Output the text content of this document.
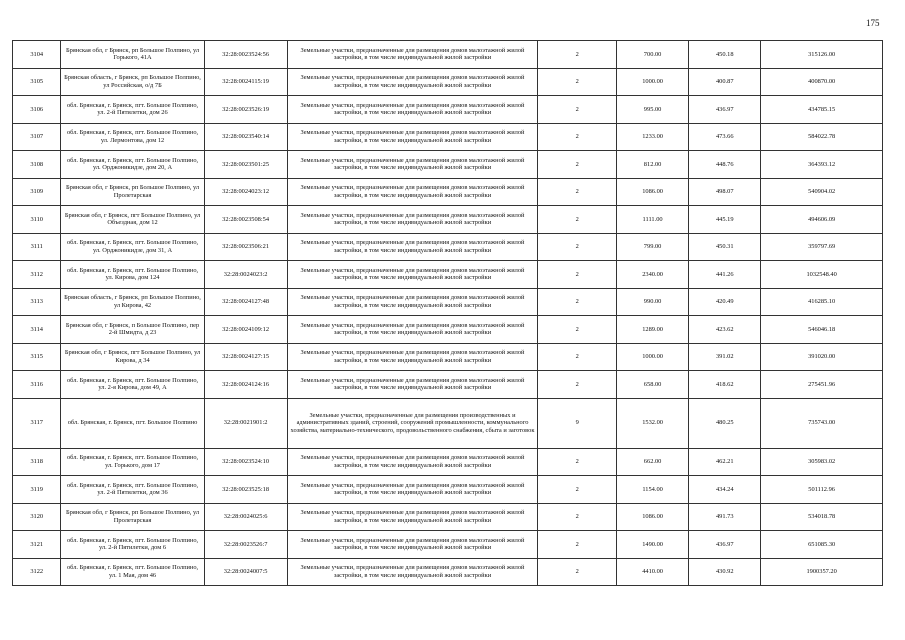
175
3104	Брянская обл, г Брянск, рп Большое Полпино, ул Горького, 41А	32:28:0023524:56	Земельные участки, предназначенные для размещения домов малоэтажной жилой застройки, в том числе индивидуальной жилой застройки	2	700.00	450.18	315126.00
3105	Брянская область, г Брянск, рп Большое Полпино, ул Российская, о/д 7Б	32:28:0024115:19	Земельные участки, предназначенные для размещения домов малоэтажной жилой застройки, в том числе индивидуальной жилой застройки	2	1000.00	400.87	400870.00
3106	обл. Брянская, г. Брянск, пгт. Большое Полпино, ул. 2-й Пятилетки, дом 26	32:28:0023526:19	Земельные участки, предназначенные для размещения домов малоэтажной жилой застройки, в том числе индивидуальной жилой застройки	2	995.00	436.97	434785.15
3107	обл. Брянская, г. Брянск, пгт. Большое Полпино, ул. Лермонтова, дом 12	32:28:0023540:14	Земельные участки, предназначенные для размещения домов малоэтажной жилой застройки, в том числе индивидуальной жилой застройки	2	1233.00	473.66	584022.78
3108	обл. Брянская, г. Брянск, пгт. Большое Полпино, ул. Орджоникидзе, дом 20, А	32:28:0023501:25	Земельные участки, предназначенные для размещения домов малоэтажной жилой застройки, в том числе индивидуальной жилой застройки	2	812.00	448.76	364393.12
3109	Брянская обл, г Брянск, рп Большое Полпино, ул Пролетарская	32:28:0024023:12	Земельные участки, предназначенные для размещения домов малоэтажной жилой застройки, в том числе индивидуальной жилой застройки	2	1086.00	498.07	540904.02
3110	Брянская обл, г Брянск, пгт Большое Полпино, ул Объездная, дом 12	32:28:0023508:54	Земельные участки, предназначенные для размещения домов малоэтажной жилой застройки, в том числе индивидуальной жилой застройки	2	1111.00	445.19	494606.09
3111	обл. Брянская, г. Брянск, пгт. Большое Полпино, ул. Орджоникидзе, дом 31, А	32:28:0023506:21	Земельные участки, предназначенные для размещения домов малоэтажной жилой застройки, в том числе индивидуальной жилой застройки	2	799.00	450.31	359797.69
3112	обл. Брянская, г. Брянск, пгт. Большое Полпино, ул. Кирова, дом 124	32:28:0024023:2	Земельные участки, предназначенные для размещения домов малоэтажной жилой застройки, в том числе индивидуальной жилой застройки	2	2340.00	441.26	1032548.40
3113	Брянская область, г Брянск, рп Большое Полпино, ул Кирова, 42	32:28:0024127:48	Земельные участки, предназначенные для размещения домов малоэтажной жилой застройки, в том числе индивидуальной жилой застройки	2	990.00	420.49	416285.10
3114	Брянская обл, г Брянск, п Большое Полпино, пер 2-й Шмидта, д 23	32:28:0024109:12	Земельные участки, предназначенные для размещения домов малоэтажной жилой застройки, в том числе индивидуальной жилой застройки	2	1289.00	423.62	546046.18
3115	Брянская обл, г Брянск, пгт Большое Полпино, ул Кирова, д 34	32:28:0024127:15	Земельные участки, предназначенные для размещения домов малоэтажной жилой застройки, в том числе индивидуальной жилой застройки	2	1000.00	391.02	391020.00
3116	обл. Брянская, г. Брянск, пгт. Большое Полпино, ул. 2-я Кирова, дом 49, А	32:28:0024124:16	Земельные участки, предназначенные для размещения домов малоэтажной жилой застройки, в том числе индивидуальной жилой застройки	2	658.00	418.62	275451.96
3117	обл. Брянская, г. Брянск, пгт. Большое Полпино	32:28:0021901:2	Земельные участки, предназначенные для размещения производственных и административных зданий, строений, сооружений промышленности, коммунального хозяйства, материально-технического, продовольственного снабжения, сбыта и заготовок	9	1532.00	480.25	735743.00
3118	обл. Брянская, г. Брянск, пгт. Большое Полпино, ул. Горького, дом 17	32:28:0023524:10	Земельные участки, предназначенные для размещения домов малоэтажной жилой застройки, в том числе индивидуальной жилой застройки	2	662.00	462.21	305983.02
3119	обл. Брянская, г. Брянск, пгт. Большое Полпино, ул. 2-й Пятилетки, дом 36	32:28:0023525:18	Земельные участки, предназначенные для размещения домов малоэтажной жилой застройки, в том числе индивидуальной жилой застройки	2	1154.00	434.24	501112.96
3120	Брянская обл, г Брянск, рп Большое Полпино, ул Пролетарская	32:28:0024025:6	Земельные участки, предназначенные для размещения домов малоэтажной жилой застройки, в том числе индивидуальной жилой застройки	2	1086.00	491.73	534018.78
3121	обл. Брянская, г. Брянск, пгт. Большое Полпино, ул. 2-й Пятилетки, дом 6	32:28:0023526:7	Земельные участки, предназначенные для размещения домов малоэтажной жилой застройки, в том числе индивидуальной жилой застройки	2	1490.00	436.97	651085.30
3122	обл. Брянская, г. Брянск, пгт. Большое Полпино, ул. 1 Мая, дом 46	32:28:0024007:5	Земельные участки, предназначенные для размещения домов малоэтажной жилой застройки, в том числе индивидуальной жилой застройки	2	4410.00	430.92	1900357.20
